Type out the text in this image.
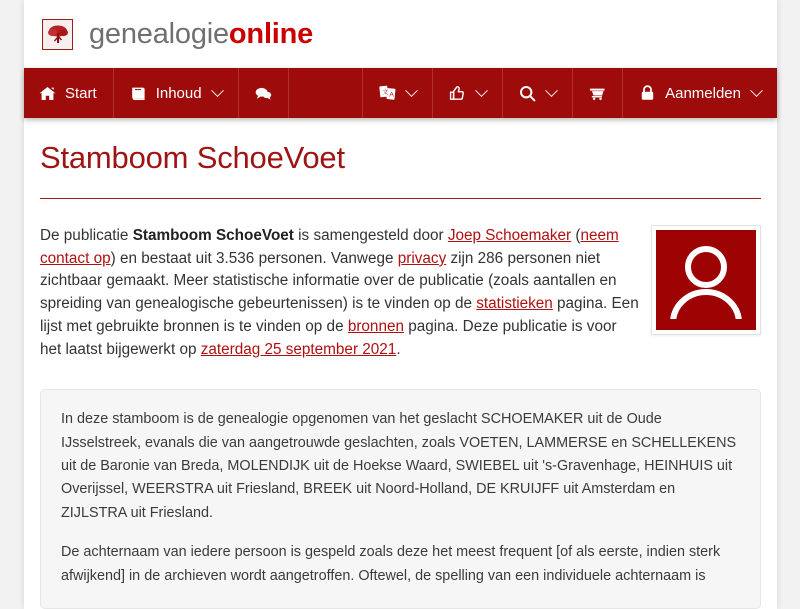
genealogieonline
Start	Inhoud	文 A	Aanmelden
Stamboom SchoeVoet
De publicatie Stamboom SchoeVoet is samengesteld door Joep Schoemaker (neem contact op) en bestaat uit 3.536 personen. Vanwege privacy zijn 286 personen niet zichtbaar gemaakt. Meer statistische informatie over de publicatie (zoals aantallen en spreiding van genealogische gebeurtenissen) is te vinden op de statistieken pagina. Een lijst met gebruikte bronnen is te vinden op de bronnen pagina. Deze publicatie is voor het laatst bijgewerkt op zaterdag 25 september 2021.

In deze stamboom is de genealogie opgenomen van het geslacht SCHOEMAKER uit de Oude IJsselstreek, evanals die van aangetrouwde geslachten, zoals VOETEN, LAMMERSE en SCHELLEKENS uit de Baronie van Breda, MOLENDIJK uit de Hoekse Waard, SWIEBEL uit 's-Gravenhage, HEINHUIS uit Overijssel, WEERSTRA uit Friesland, BREEK uit Noord-Holland, DE KRUIJFF uit Amsterdam en ZIJLSTRA uit Friesland.

De achternaam van iedere persoon is gespeld zoals deze het meest frequent [of als eerste, indien sterk afwijkend] in de archieven wordt aangetroffen. Oftewel, de spelling van een individuele achternaam is
